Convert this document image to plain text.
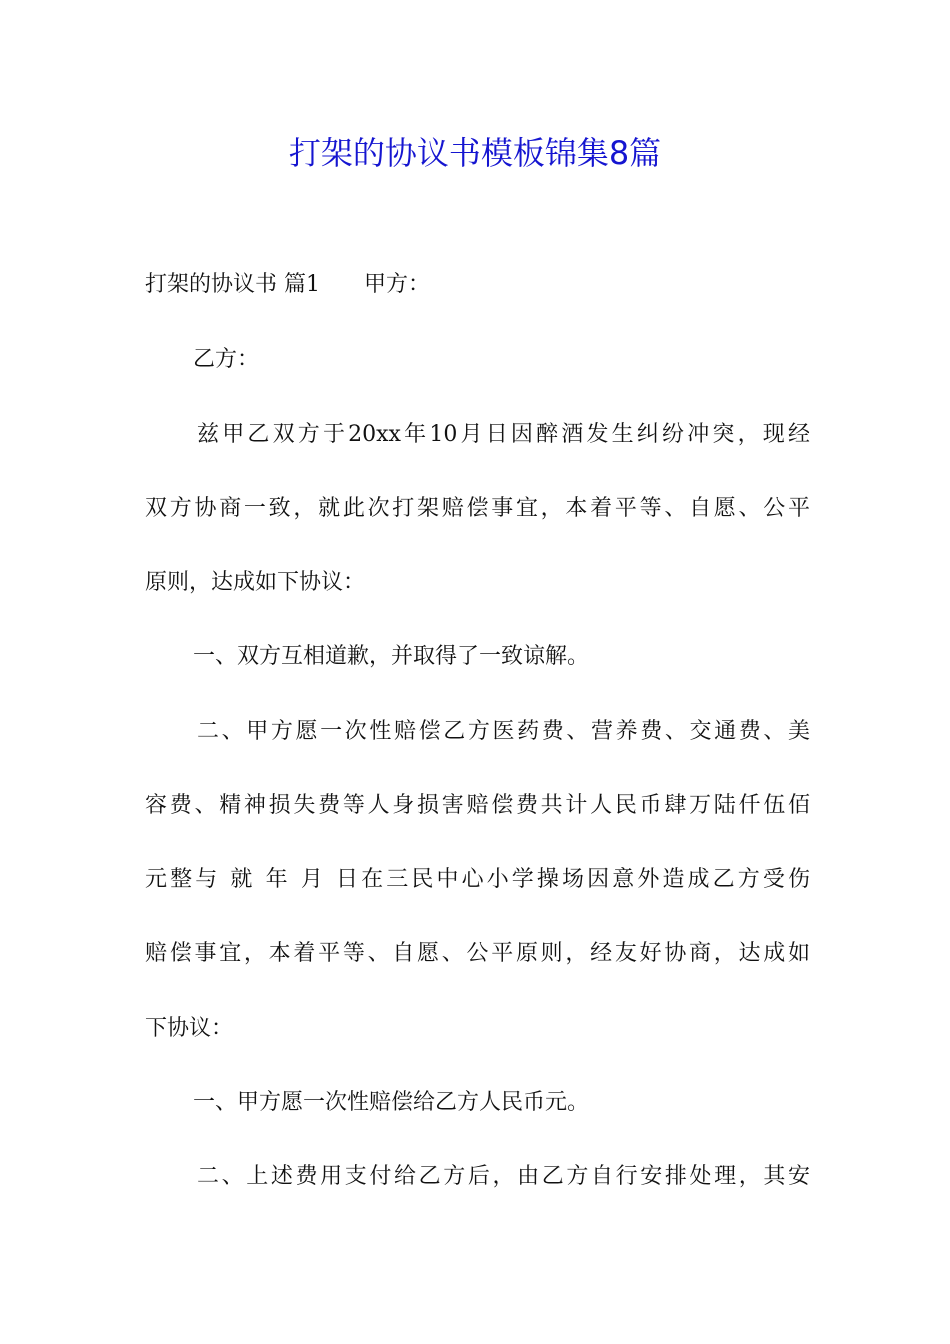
打架的协议书模板锦集8篇

打架的协议书 篇1　　甲方：

乙方：

兹甲乙双方于20xx年10月日因醉酒发生纠纷冲突，现经

双方协商一致，就此次打架赔偿事宜，本着平等、自愿、公平

原则，达成如下协议：

一、双方互相道歉，并取得了一致谅解。

二、甲方愿一次性赔偿乙方医药费、营养费、交通费、美

容费、精神损失费等人身损害赔偿费共计人民币肆万陆仟伍佰

元整与 就 年 月 日在三民中心小学操场因意外造成乙方受伤

赔偿事宜，本着平等、自愿、公平原则，经友好协商，达成如

下协议：

一、甲方愿一次性赔偿给乙方人民币元。

二、上述费用支付给乙方后，由乙方自行安排处理，其安
